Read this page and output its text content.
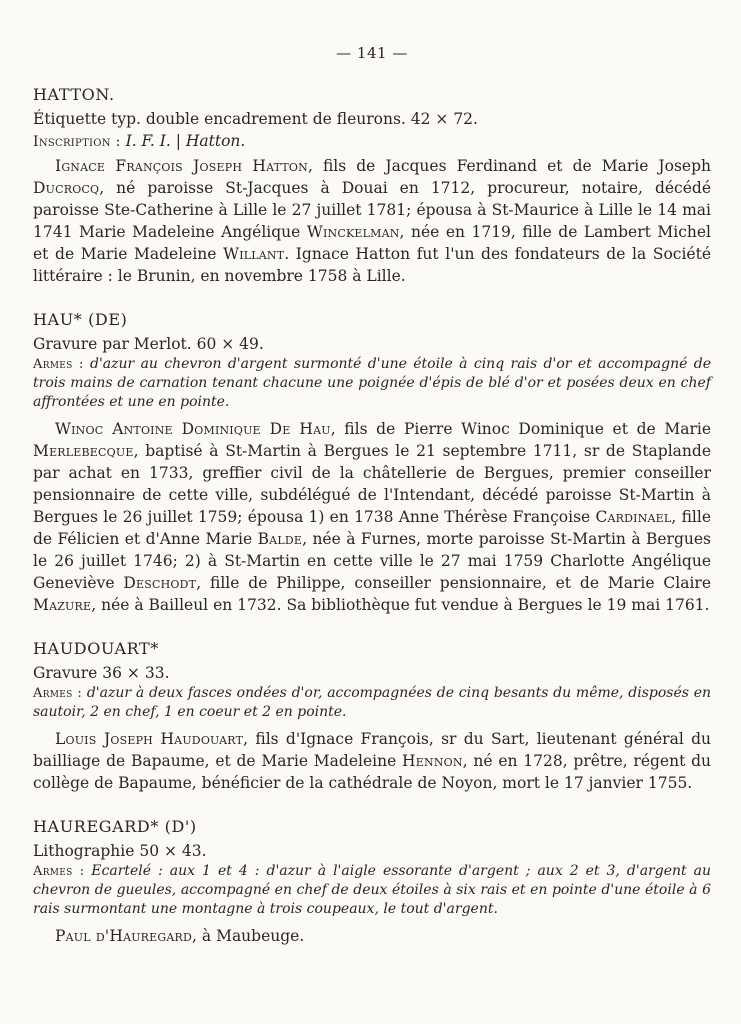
— 141 —
HATTON.

Étiquette typ. double encadrement de fleurons. 42 × 72.

Inscription : I. F. I. | Hatton.

Ignace François Joseph Hatton, fils de Jacques Ferdinand et de Marie Joseph Ducrocq, né paroisse St-Jacques à Douai en 1712, procureur, notaire, décédé paroisse Ste-Catherine à Lille le 27 juillet 1781; épousa à St-Maurice à Lille le 14 mai 1741 Marie Madeleine Angélique Winckelman, née en 1719, fille de Lambert Michel et de Marie Madeleine Willant. Ignace Hatton fut l'un des fondateurs de la Société littéraire : le Brunin, en novembre 1758 à Lille.

HAU* (DE)

Gravure par Merlot. 60 × 49.

Armes : d'azur au chevron d'argent surmonté d'une étoile à cinq rais d'or et accompagné de trois mains de carnation tenant chacune une poignée d'épis de blé d'or et posées deux en chef affrontées et une en pointe.

Winoc Antoine Dominique De Hau, fils de Pierre Winoc Dominique et de Marie Merlebecque, baptisé à St-Martin à Bergues le 21 septembre 1711, sr de Staplande par achat en 1733, greffier civil de la châtellerie de Bergues, premier conseiller pensionnaire de cette ville, subdélégué de l'Intendant, décédé paroisse St-Martin à Bergues le 26 juillet 1759; épousa 1) en 1738 Anne Thérèse Françoise Cardinael, fille de Félicien et d'Anne Marie Balde, née à Furnes, morte paroisse St-Martin à Bergues le 26 juillet 1746; 2) à St-Martin en cette ville le 27 mai 1759 Charlotte Angélique Geneviève Deschodt, fille de Philippe, conseiller pensionnaire, et de Marie Claire Mazure, née à Bailleul en 1732. Sa bibliothèque fut vendue à Bergues le 19 mai 1761.

HAUDOUART*

Gravure 36 × 33.

Armes : d'azur à deux fasces ondées d'or, accompagnées de cinq besants du même, disposés en sautoir, 2 en chef, 1 en coeur et 2 en pointe.

Louis Joseph Haudouart, fils d'Ignace François, sr du Sart, lieutenant général du bailliage de Bapaume, et de Marie Madeleine Hennon, né en 1728, prêtre, régent du collège de Bapaume, bénéficier de la cathédrale de Noyon, mort le 17 janvier 1755.

HAUREGARD* (D')

Lithographie 50 × 43.

Armes : Ecartelé : aux 1 et 4 : d'azur à l'aigle essorante d'argent ; aux 2 et 3, d'argent au chevron de gueules, accompagné en chef de deux étoiles à six rais et en pointe d'une étoile à 6 rais surmontant une montagne à trois coupeaux, le tout d'argent.

Paul d'Hauregard, à Maubeuge.
